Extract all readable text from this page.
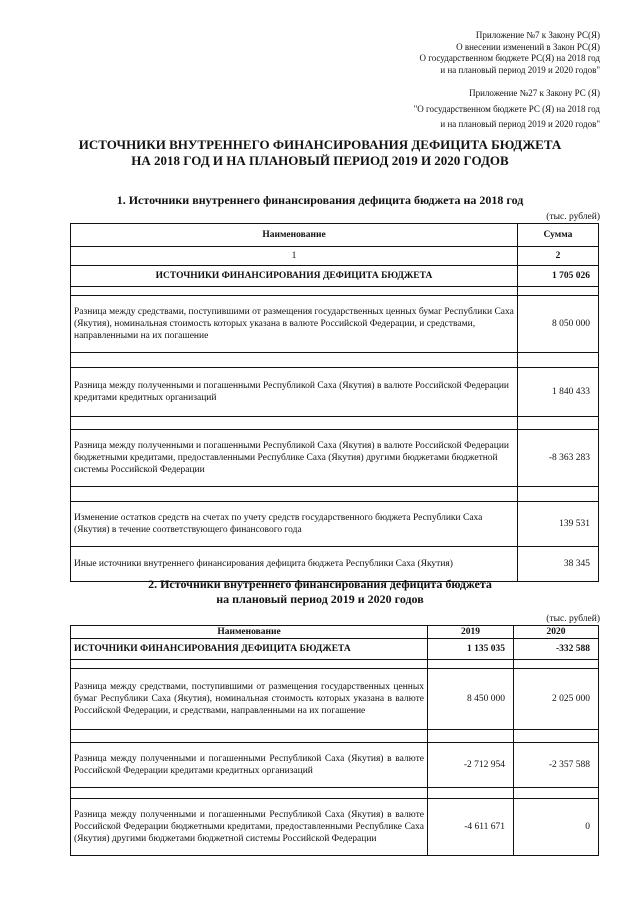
Приложение №7 к Закону РС(Я)
О внесении изменений в Закон РС(Я)
О государственном бюджете РС(Я) на 2018 год
и на плановый период 2019 и 2020 годов"
Приложение №27 к Закону РС (Я)
"О государственном бюджете РС (Я) на 2018 год
и на плановый период 2019 и 2020 годов"
ИСТОЧНИКИ ВНУТРЕННЕГО ФИНАНСИРОВАНИЯ ДЕФИЦИТА БЮДЖЕТА
НА 2018 ГОД И НА ПЛАНОВЫЙ ПЕРИОД 2019 И 2020 ГОДОВ
1. Источники внутреннего финансирования дефицита бюджета на 2018 год
(тыс. рублей)
Наименование	Сумма
1	2
ИСТОЧНИКИ ФИНАНСИРОВАНИЯ ДЕФИЦИТА БЮДЖЕТА	1 705 026

Разница между средствами, поступившими от размещения государственных ценных бумаг Республики Саха (Якутия), номинальная стоимость которых указана в валюте Российской Федерации, и средствами, направленными на их погашение	8 050 000

Разница между полученными и погашенными Республикой Саха (Якутия) в валюте Российской Федерации кредитами кредитных организаций	1 840 433

Разница между полученными и погашенными Республикой Саха (Якутия) в валюте Российской Федерации бюджетными кредитами, предоставленными Республике Саха (Якутия) другими бюджетами бюджетной системы Российской Федерации	-8 363 283

Изменение остатков средств на счетах по учету средств государственного бюджета Республики Саха (Якутия) в течение соответствующего финансового года	139 531
Иные источники внутреннего финансирования дефицита бюджета Республики Саха (Якутия)	38 345
2. Источники внутреннего финансирования дефицита бюджета
на плановый период 2019 и 2020 годов
(тыс. рублей)
Наименование	2019	2020
ИСТОЧНИКИ ФИНАНСИРОВАНИЯ ДЕФИЦИТА БЮДЖЕТА	1 135 035	-332 588

Разница между средствами, поступившими от размещения государственных ценных бумаг Республики Саха (Якутия), номинальная стоимость которых указана в валюте Российской Федерации, и средствами, направленными на их погашение	8 450 000	2 025 000

Разница между полученными и погашенными Республикой Саха (Якутия) в валюте Российской Федерации кредитами кредитных организаций	-2 712 954	-2 357 588

Разница между полученными и погашенными Республикой Саха (Якутия) в валюте Российской Федерации бюджетными кредитами, предоставленными Республике Саха (Якутия) другими бюджетами бюджетной системы Российской Федерации	-4 611 671	0
